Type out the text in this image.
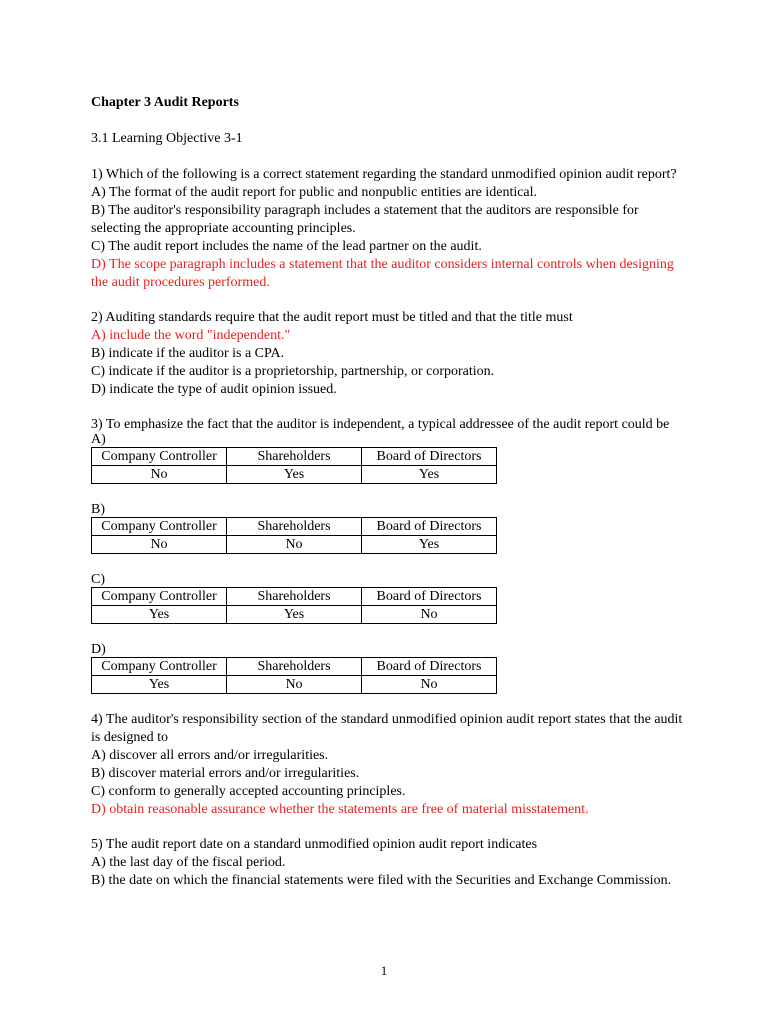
Chapter 3 Audit Reports
3.1 Learning Objective 3-1
1) Which of the following is a correct statement regarding the standard unmodified opinion audit report?
A) The format of the audit report for public and nonpublic entities are identical.
B) The auditor's responsibility paragraph includes a statement that the auditors are responsible for selecting the appropriate accounting principles.
C) The audit report includes the name of the lead partner on the audit.
D) The scope paragraph includes a statement that the auditor considers internal controls when designing the audit procedures performed.
2) Auditing standards require that the audit report must be titled and that the title must
A) include the word "independent."
B) indicate if the auditor is a CPA.
C) indicate if the auditor is a proprietorship, partnership, or corporation.
D) indicate the type of audit opinion issued.
3) To emphasize the fact that the auditor is independent, a typical addressee of the audit report could be
A)
Company Controller	Shareholders	Board of Directors
No	Yes	Yes
B)
Company Controller	Shareholders	Board of Directors
No	No	Yes
C)
Company Controller	Shareholders	Board of Directors
Yes	Yes	No
D)
Company Controller	Shareholders	Board of Directors
Yes	No	No
4) The auditor's responsibility section of the standard unmodified opinion audit report states that the audit is designed to
A) discover all errors and/or irregularities.
B) discover material errors and/or irregularities.
C) conform to generally accepted accounting principles.
D) obtain reasonable assurance whether the statements are free of material misstatement.
5) The audit report date on a standard unmodified opinion audit report indicates
A) the last day of the fiscal period.
B) the date on which the financial statements were filed with the Securities and Exchange Commission.
1
